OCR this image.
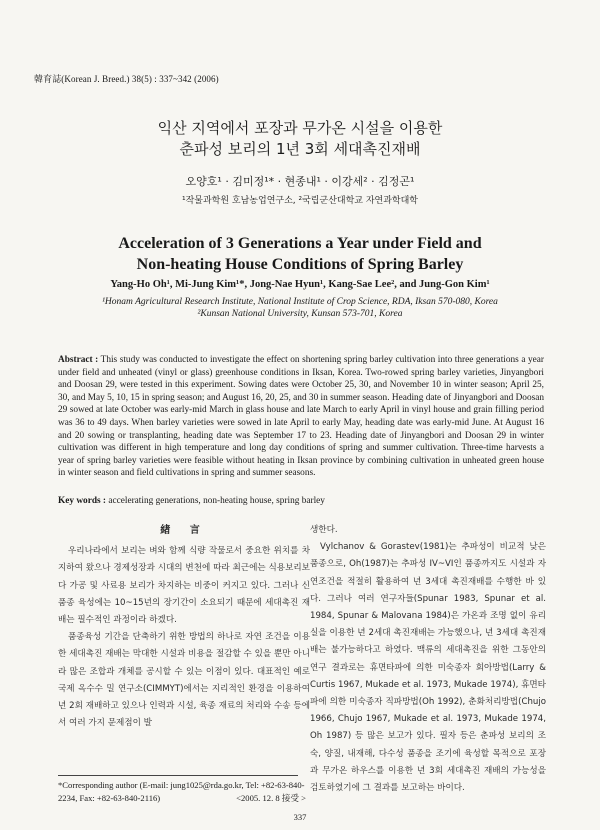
韓育誌(Korean J. Breed.) 38(5) : 337~342 (2006)
익산 지역에서 포장과 무가온 시설을 이용한
춘파성 보리의 1년 3회 세대촉진재배
오양호¹ · 김미정¹* · 현종내¹ · 이강세² · 김정곤¹
¹작물과학원 호남농업연구소, ²국립군산대학교 자연과학대학
Acceleration of 3 Generations a Year under Field and
Non-heating House Conditions of Spring Barley
Yang-Ho Oh¹, Mi-Jung Kim¹*, Jong-Nae Hyun¹, Kang-Sae Lee², and Jung-Gon Kim¹
¹Honam Agricultural Research Institute, National Institute of Crop Science, RDA, Iksan 570-080, Korea
²Kunsan National University, Kunsan 573-701, Korea
Abstract : This study was conducted to investigate the effect on shortening spring barley cultivation into three generations a year under field and unheated (vinyl or glass) greenhouse conditions in Iksan, Korea. Two-rowed spring barley varieties, Jinyangbori and Doosan 29, were tested in this experiment. Sowing dates were October 25, 30, and November 10 in winter season; April 25, 30, and May 5, 10, 15 in spring season; and August 16, 20, 25, and 30 in summer season. Heading date of Jinyangbori and Doosan 29 sowed at late October was early-mid March in glass house and late March to early April in vinyl house and grain filling period was 36 to 49 days. When barley varieties were sowed in late April to early May, heading date was early-mid June. At August 16 and 20 sowing or transplanting, heading date was September 17 to 23. Heading date of Jinyangbori and Doosan 29 in winter cultivation was different in high temperature and long day conditions of spring and summer cultivation. Three-time harvests a year of spring barley varieties were feasible without heating in Iksan province by combining cultivation in unheated green house in winter season and field cultivations in spring and summer seasons.
Key words : accelerating generations, non-heating house, spring barley
緖 言

우리나라에서 보리는 벼와 함께 식량 작물로서 중요한 위치를 차지하여 왔으나 경제성장과 시대의 변천에 따라 최근에는 식용보리보다 가공 및 사료용 보리가 차지하는 비중이 커지고 있다. 그러나 신품종 육성에는 10~15년의 장기간이 소요되기 때문에 세대촉진 재배는 필수적인 과정이라 하겠다.

품종육성 기간을 단축하기 위한 방법의 하나로 자연 조건을 이용한 세대촉진 재배는 막대한 시설과 비용을 절감할 수 있을 뿐만 아니라 많은 조합과 개체를 공시할 수 있는 이점이 있다. 대표적인 예로 국제 옥수수 밀 연구소(CIMMYT)에서는 지리적인 환경을 이용하여 년 2회 재배하고 있으나 인력과 시설, 육종 재료의 처리와 수송 등에서 여러 가지 문제점이 발

생한다.

Vylchanov & Gorastev(1981)는 추파성이 비교적 낮은 품종으로, Oh(1987)는 추파성 IV~VI인 품종까지도 시설과 자연조건을 적절히 활용하여 년 3세대 촉진재배를 수행한 바 있다. 그러나 여러 연구자들(Spunar 1983, Spunar et al. 1984, Spunar & Malovana 1984)은 가온과 조명 없이 유리실을 이용한 년 2세대 촉진재배는 가능했으나, 년 3세대 촉진재배는 불가능하다고 하였다. 맥류의 세대촉진을 위한 그동안의 연구 결과로는 휴면타파에 의한 미숙종자 회아방법(Larry & Curtis 1967, Mukade et al. 1973, Mukade 1974), 휴면타파에 의한 미숙종자 직파방법(Oh 1992), 춘화처리방법(Chujo 1966, Chujo 1967, Mukade et al. 1973, Mukade 1974, Oh 1987) 등 많은 보고가 있다. 필자 등은 춘파성 보리의 조숙, 양질, 내재해, 다수성 품종을 조기에 육성할 목적으로 포장과 무가온 하우스를 이용한 년 3회 세대촉진 재배의 가능성을 검토하였기에 그 결과를 보고하는 바이다.

*Corresponding author (E-mail: jung1025@rda.go.kr, Tel: +82-63-840-2234, Fax: +82-63-840-2116)	<2005. 12. 8 接受 >
337
